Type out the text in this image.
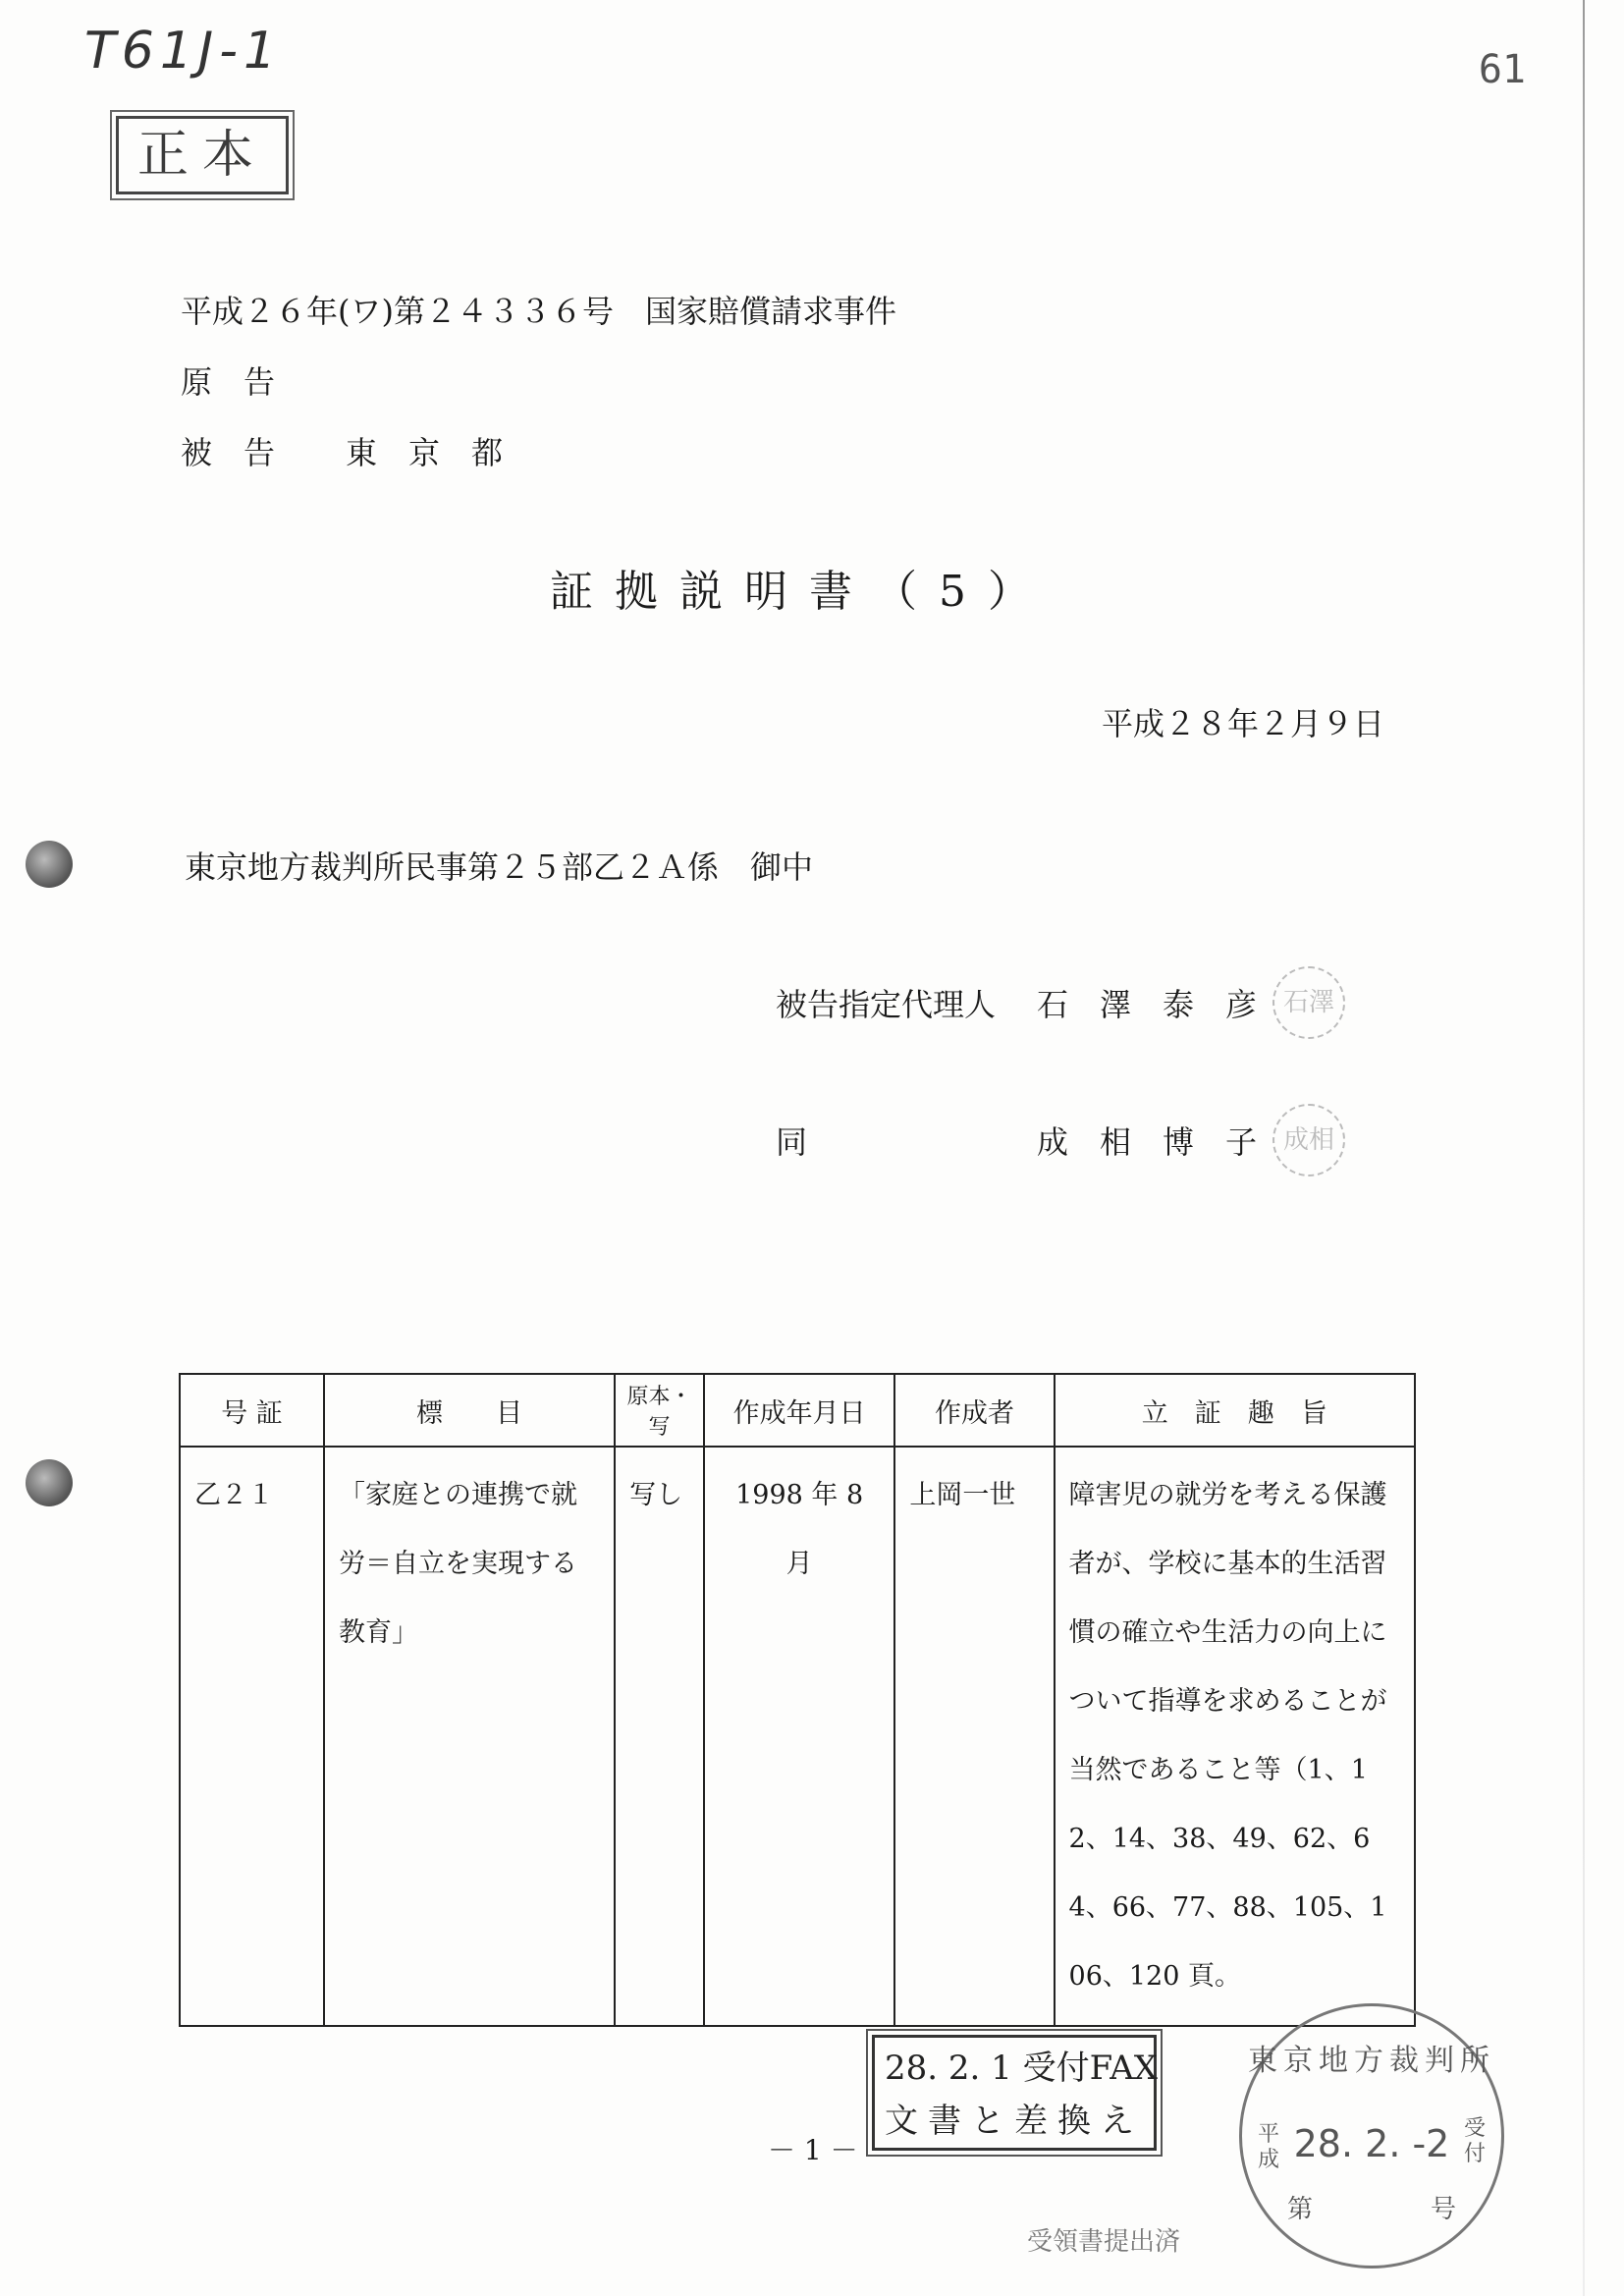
T61J-1
正本
61
平成２６年(ワ)第２４３３６号　国家賠償請求事件
原　告
被　告 東　京　都
証拠説明書（5）
平成２８年２月９日
東京地方裁判所民事第２５部乙２Ａ係　御中
被告指定代理人 石　澤　泰　彦	石澤
同	成　相　博　子	成相
号 証	標　　目	原本・写	作成年月日	作成者	立　証　趣　旨
乙２１	「家庭との連携で就労＝自立を実現する教育」	写し	1998 年 8 月	上岡一世	障害児の就労を考える保護者が、学校に基本的生活習慣の確立や生活力の向上について指導を求めることが当然であること等（1、12、14、38、49、62、64、66、77、88、105、106、120 頁。
28. 2. 1 受付FAX
文書と差換え
東京地方裁判所
平成 28. 2. -2 受付
第	号
－ 1 －
受領書提出済
